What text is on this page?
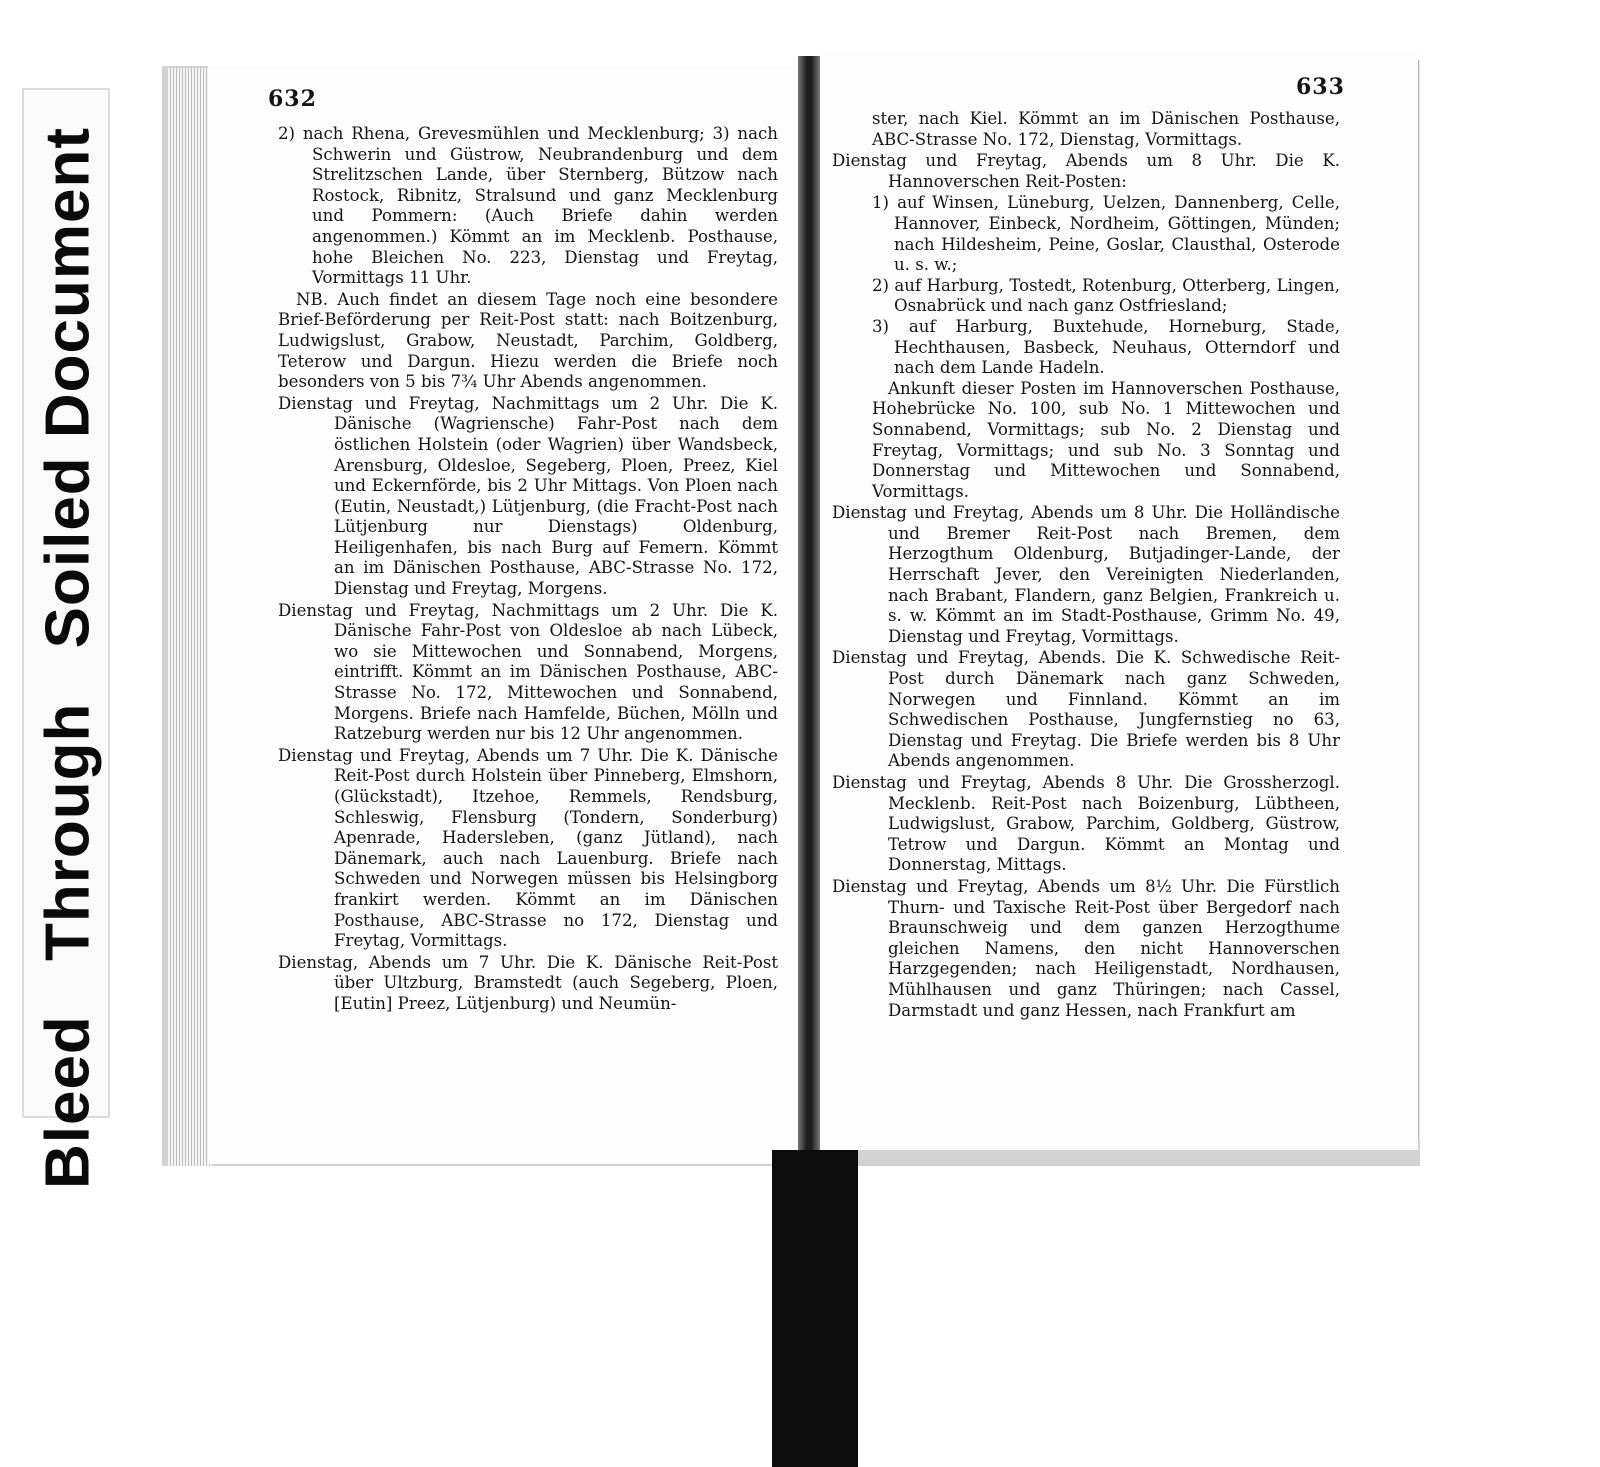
Bleed Through Soiled Document
632

2) nach Rhena, Grevesmühlen und Mecklenburg; 3) nach Schwerin und Güstrow, Neubrandenburg und dem Strelitzschen Lande, über Sternberg, Bützow nach Rostock, Ribnitz, Stralsund und ganz Mecklenburg und Pommern: (Auch Briefe dahin werden angenommen.) Kömmt an im Mecklenb. Posthause, hohe Bleichen No. 223, Dienstag und Freytag, Vormittags 11 Uhr.

NB. Auch findet an diesem Tage noch eine besondere Brief-Beförderung per Reit-Post statt: nach Boitzenburg, Ludwigslust, Grabow, Neustadt, Parchim, Goldberg, Teterow und Dargun. Hiezu werden die Briefe noch besonders von 5 bis 7¾ Uhr Abends angenommen.

Dienstag und Freytag, Nachmittags um 2 Uhr. Die K. Dänische (Wagriensche) Fahr-Post nach dem östlichen Holstein (oder Wagrien) über Wandsbeck, Arensburg, Oldesloe, Segeberg, Ploen, Preez, Kiel und Eckernförde, bis 2 Uhr Mittags. Von Ploen nach (Eutin, Neustadt,) Lütjenburg, (die Fracht-Post nach Lütjenburg nur Dienstags) Oldenburg, Heiligenhafen, bis nach Burg auf Femern. Kömmt an im Dänischen Posthause, ABC-Strasse No. 172, Dienstag und Freytag, Morgens.

Dienstag und Freytag, Nachmittags um 2 Uhr. Die K. Dänische Fahr-Post von Oldesloe ab nach Lübeck, wo sie Mittewochen und Sonnabend, Morgens, eintrifft. Kömmt an im Dänischen Posthause, ABC-Strasse No. 172, Mittewochen und Sonnabend, Morgens. Briefe nach Hamfelde, Büchen, Mölln und Ratzeburg werden nur bis 12 Uhr angenommen.

Dienstag und Freytag, Abends um 7 Uhr. Die K. Dänische Reit-Post durch Holstein über Pinneberg, Elmshorn, (Glückstadt), Itzehoe, Remmels, Rendsburg, Schleswig, Flensburg (Tondern, Sonderburg) Apenrade, Hadersleben, (ganz Jütland), nach Dänemark, auch nach Lauenburg. Briefe nach Schweden und Norwegen müssen bis Helsingborg frankirt werden. Kömmt an im Dänischen Posthause, ABC-Strasse no 172, Dienstag und Freytag, Vormittags.

Dienstag, Abends um 7 Uhr. Die K. Dänische Reit-Post über Ultzburg, Bramstedt (auch Segeberg, Ploen, [Eutin] Preez, Lütjenburg) und Neumün-

633

ster, nach Kiel. Kömmt an im Dänischen Posthause, ABC-Strasse No. 172, Dienstag, Vormittags.

Dienstag und Freytag, Abends um 8 Uhr. Die K. Hannoverschen Reit-Posten:

1) auf Winsen, Lüneburg, Uelzen, Dannenberg, Celle, Hannover, Einbeck, Nordheim, Göttingen, Münden; nach Hildesheim, Peine, Goslar, Clausthal, Osterode u. s. w.;

2) auf Harburg, Tostedt, Rotenburg, Otterberg, Lingen, Osnabrück und nach ganz Ostfriesland;

3) auf Harburg, Buxtehude, Horneburg, Stade, Hechthausen, Basbeck, Neuhaus, Otterndorf und nach dem Lande Hadeln.

Ankunft dieser Posten im Hannoverschen Posthause, Hohebrücke No. 100, sub No. 1 Mittewochen und Sonnabend, Vormittags; sub No. 2 Dienstag und Freytag, Vormittags; und sub No. 3 Sonntag und Donnerstag und Mittewochen und Sonnabend, Vormittags.

Dienstag und Freytag, Abends um 8 Uhr. Die Holländische und Bremer Reit-Post nach Bremen, dem Herzogthum Oldenburg, Butjadinger-Lande, der Herrschaft Jever, den Vereinigten Niederlanden, nach Brabant, Flandern, ganz Belgien, Frankreich u. s. w. Kömmt an im Stadt-Posthause, Grimm No. 49, Dienstag und Freytag, Vormittags.

Dienstag und Freytag, Abends. Die K. Schwedische Reit-Post durch Dänemark nach ganz Schweden, Norwegen und Finnland. Kömmt an im Schwedischen Posthause, Jungfernstieg no 63, Dienstag und Freytag. Die Briefe werden bis 8 Uhr Abends angenommen.

Dienstag und Freytag, Abends 8 Uhr. Die Grossherzogl. Mecklenb. Reit-Post nach Boizenburg, Lübtheen, Ludwigslust, Grabow, Parchim, Goldberg, Güstrow, Tetrow und Dargun. Kömmt an Montag und Donnerstag, Mittags.

Dienstag und Freytag, Abends um 8½ Uhr. Die Fürstlich Thurn- und Taxische Reit-Post über Bergedorf nach Braunschweig und dem ganzen Herzogthume gleichen Namens, den nicht Hannoverschen Harzgegenden; nach Heiligenstadt, Nordhausen, Mühlhausen und ganz Thüringen; nach Cassel, Darmstadt und ganz Hessen, nach Frankfurt am
